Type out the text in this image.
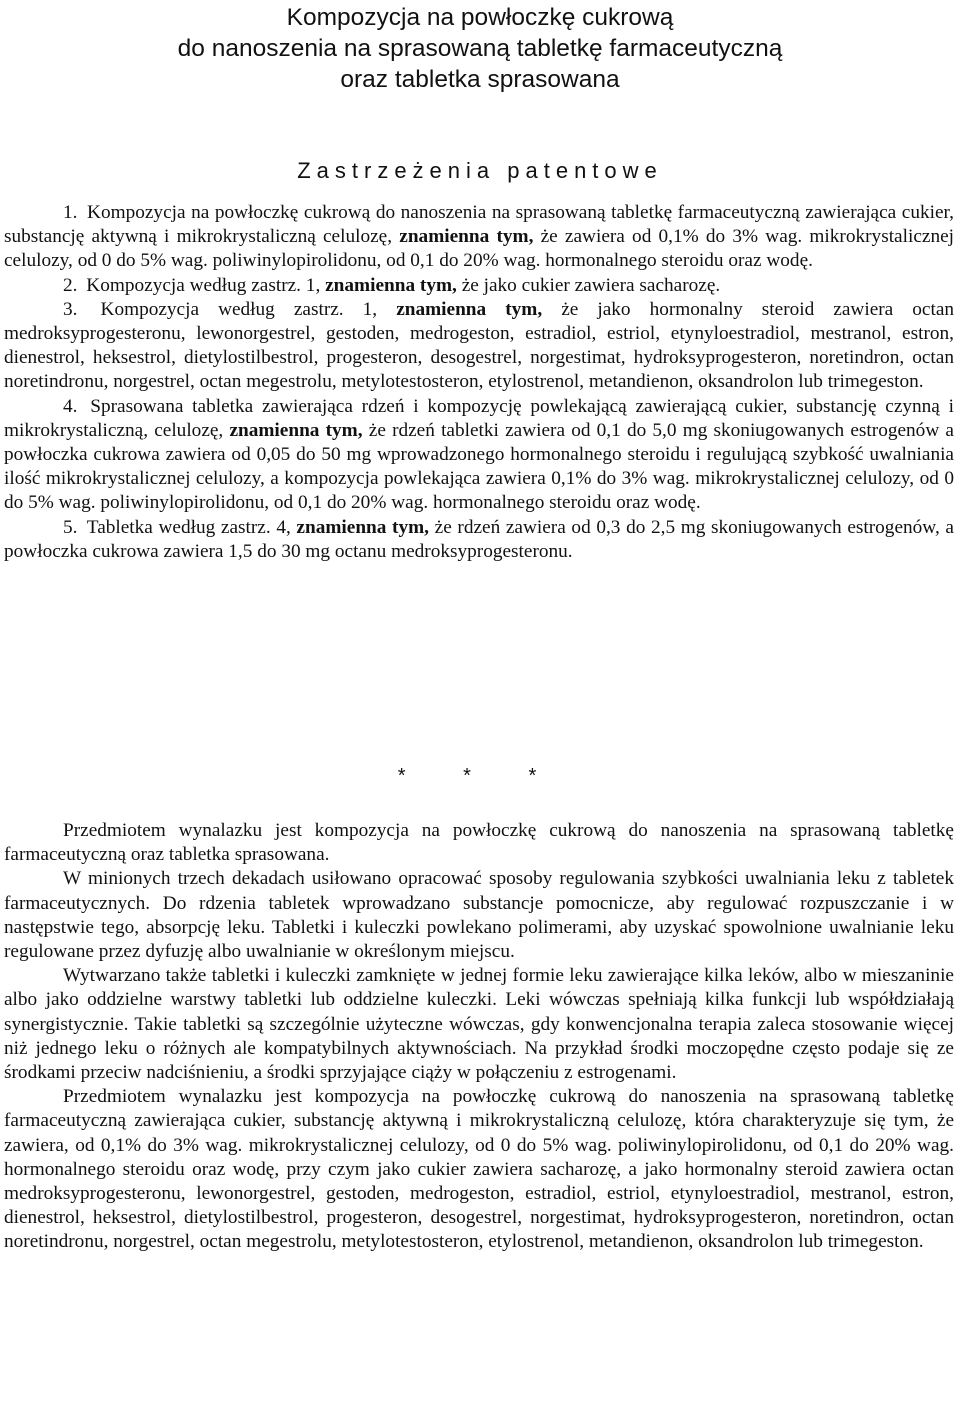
Kompozycja na powłoczkę cukrową
do nanoszenia na sprasowaną tabletkę farmaceutyczną
oraz tabletka sprasowana
Zastrzeżenia patentowe

1. Kompozycja na powłoczkę cukrową do nanoszenia na sprasowaną tabletkę farmaceutyczną zawierająca cukier, substancję aktywną i mikrokrystaliczną celulozę, znamienna tym, że zawiera od 0,1% do 3% wag. mikrokrystalicznej celulozy, od 0 do 5% wag. poliwinylopirolidonu, od 0,1 do 20% wag. hormonalnego steroidu oraz wodę.

2. Kompozycja według zastrz. 1, znamienna tym, że jako cukier zawiera sacharozę.

3. Kompozycja według zastrz. 1, znamienna tym, że jako hormonalny steroid zawiera octan medroksyprogesteronu, lewonorgestrel, gestoden, medrogeston, estradiol, estriol, etynyloestradiol, mestranol, estron, dienestrol, heksestrol, dietylostilbestrol, progesteron, desogestrel, norgestimat, hydroksyprogesteron, noretindron, octan noretindronu, norgestrel, octan megestrolu, metylotestosteron, etylostrenol, metandienon, oksandrolon lub trimegeston.

4. Sprasowana tabletka zawierająca rdzeń i kompozycję powlekającą zawierającą cukier, substancję czynną i mikrokrystaliczną, celulozę, znamienna tym, że rdzeń tabletki zawiera od 0,1 do 5,0 mg skoniugowanych estrogenów a powłoczka cukrowa zawiera od 0,05 do 50 mg wprowadzonego hormonalnego steroidu i regulującą szybkość uwalniania ilość mikrokrystalicznej celulozy, a kompozycja powlekająca zawiera 0,1% do 3% wag. mikrokrystalicznej celulozy, od 0 do 5% wag. poliwinylopirolidonu, od 0,1 do 20% wag. hormonalnego steroidu oraz wodę.

5. Tabletka według zastrz. 4, znamienna tym, że rdzeń zawiera od 0,3 do 2,5 mg skoniugowanych estrogenów, a powłoczka cukrowa zawiera 1,5 do 30 mg octanu medroksyprogesteronu.

* * *

Przedmiotem wynalazku jest kompozycja na powłoczkę cukrową do nanoszenia na sprasowaną tabletkę farmaceutyczną oraz tabletka sprasowana.

W minionych trzech dekadach usiłowano opracować sposoby regulowania szybkości uwalniania leku z tabletek farmaceutycznych. Do rdzenia tabletek wprowadzano substancje pomocnicze, aby regulować rozpuszczanie i w następstwie tego, absorpcję leku. Tabletki i kuleczki powlekano polimerami, aby uzyskać spowolnione uwalnianie leku regulowane przez dyfuzję albo uwalnianie w określonym miejscu.

Wytwarzano także tabletki i kuleczki zamknięte w jednej formie leku zawierające kilka leków, albo w mieszaninie albo jako oddzielne warstwy tabletki lub oddzielne kuleczki. Leki wówczas spełniają kilka funkcji lub współdziałają synergistycznie. Takie tabletki są szczególnie użyteczne wówczas, gdy konwencjonalna terapia zaleca stosowanie więcej niż jednego leku o różnych ale kompatybilnych aktywnościach. Na przykład środki moczopędne często podaje się ze środkami przeciw nadciśnieniu, a środki sprzyjające ciąży w połączeniu z estrogenami.

Przedmiotem wynalazku jest kompozycja na powłoczkę cukrową do nanoszenia na sprasowaną tabletkę farmaceutyczną zawierająca cukier, substancję aktywną i mikrokrystaliczną celulozę, która charakteryzuje się tym, że zawiera, od 0,1% do 3% wag. mikrokrystalicznej celulozy, od 0 do 5% wag. poliwinylopirolidonu, od 0,1 do 20% wag. hormonalnego steroidu oraz wodę, przy czym jako cukier zawiera sacharozę, a jako hormonalny steroid zawiera octan medroksyprogesteronu, lewonorgestrel, gestoden, medrogeston, estradiol, estriol, etynyloestradiol, mestranol, estron, dienestrol, heksestrol, dietylostilbestrol, progesteron, desogestrel, norgestimat, hydroksyprogesteron, noretindron, octan noretindronu, norgestrel, octan megestrolu, metylotestosteron, etylostrenol, metandienon, oksandrolon lub trimegeston.
